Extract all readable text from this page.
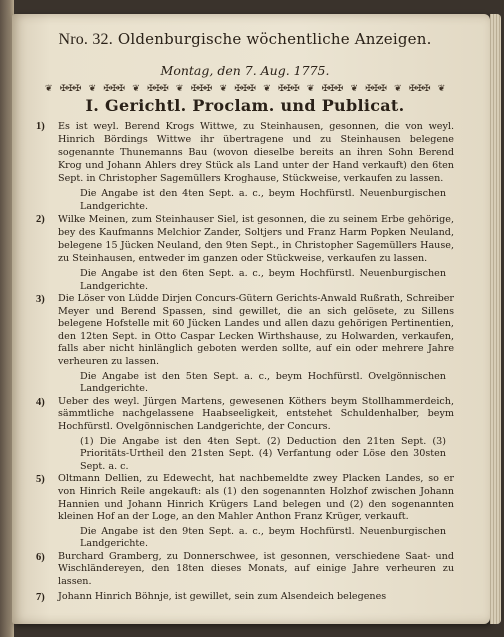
Nro. 32. Oldenburgische wöchentliche Anzeigen.
Montag, den 7. Aug. 1775.
❦ ✠✠✠ ❦ ✠✠✠ ❦ ✠✠✠ ❦ ✠✠✠ ❦ ✠✠✠ ❦ ✠✠✠ ❦ ✠✠✠ ❦ ✠✠✠ ❦ ✠✠✠ ❦
I. Gerichtl. Proclam. und Publicat.
1)	Es ist weyl. Berend Krogs Wittwe, zu Steinhausen, gesonnen, die von weyl. Hinrich Bördings Wittwe ihr übertragene und zu Steinhausen belegene sogenannte Thunemanns Bau (wovon dieselbe bereits an ihren Sohn Berend Krog und Johann Ahlers drey Stück als Land unter der Hand verkauft) den 6ten Sept. in Christopher Sagemüllers Kroghause, Stückweise, verkaufen zu lassen.
Die Angabe ist den 4ten Sept. a. c., beym Hochfürstl. Neuenburgischen Landgerichte.
2)	Wilke Meinen, zum Steinhauser Siel, ist gesonnen, die zu seinem Erbe gehörige, bey des Kaufmanns Melchior Zander, Soltjers und Franz Harm Popken Neuland, belegene 15 Jücken Neuland, den 9ten Sept., in Christopher Sagemüllers Hause, zu Steinhausen, entweder im ganzen oder Stückweise, verkaufen zu lassen.
Die Angabe ist den 6ten Sept. a. c., beym Hochfürstl. Neuenburgischen Landgerichte.
3)	Die Löser von Lüdde Dirjen Concurs-Gütern Gerichts-Anwald Rußrath, Schreiber Meyer und Berend Spassen, sind gewillet, die an sich gelösete, zu Sillens belegene Hofstelle mit 60 Jücken Landes und allen dazu gehörigen Pertinentien, den 12ten Sept. in Otto Caspar Lecken Wirthshause, zu Holwarden, verkaufen, falls aber nicht hinlänglich geboten werden sollte, auf ein oder mehrere Jahre verheuren zu lassen.
Die Angabe ist den 5ten Sept. a. c., beym Hochfürstl. Ovelgönnischen Landgerichte.
4)	Ueber des weyl. Jürgen Martens, gewesenen Köthers beym Stollhammerdeich, sämmtliche nachgelassene Haabseeligkeit, entstehet Schuldenhalber, beym Hochfürstl. Ovelgönnischen Landgerichte, der Concurs.
(1) Die Angabe ist den 4ten Sept. (2) Deduction den 21ten Sept. (3) Prioritäts-Urtheil den 21sten Sept. (4) Verfantung oder Löse den 30sten Sept. a. c.
5)	Oltmann Dellien, zu Edewecht, hat nachbemeldte zwey Placken Landes, so er von Hinrich Reile angekauft: als (1) den sogenannten Holzhof zwischen Johann Hannien und Johann Hinrich Krügers Land belegen und (2) den sogenannten kleinen Hof an der Loge, an den Mahler Anthon Franz Krüger, verkauft.
Die Angabe ist den 9ten Sept. a. c., beym Hochfürstl. Neuenburgischen Landgerichte.
6)	Burchard Gramberg, zu Donnerschwee, ist gesonnen, verschiedene Saat- und Wischländereyen, den 18ten dieses Monats, auf einige Jahre verheuren zu lassen.
7)	Johann Hinrich Böhnje, ist gewillet, sein zum Alsendeich belegenes
